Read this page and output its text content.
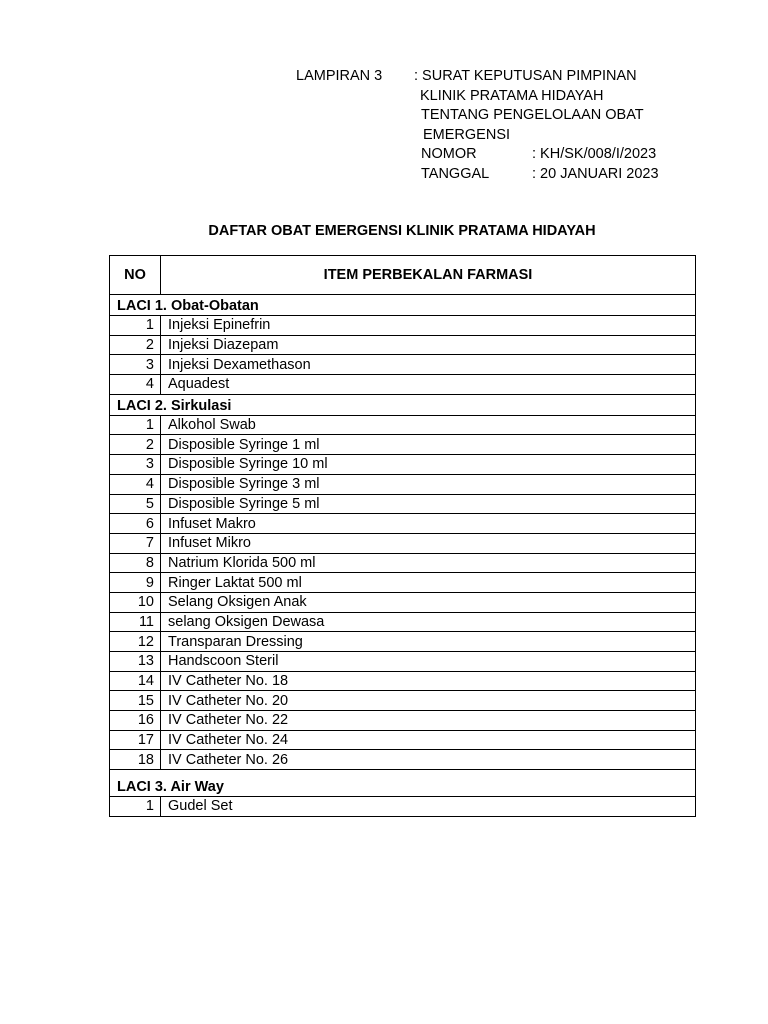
LAMPIRAN 3 : SURAT KEPUTUSAN PIMPINAN
KLINIK PRATAMA HIDAYAH
TENTANG PENGELOLAAN OBAT
EMERGENSI
NOMOR	: KH/SK/008/I/2023
TANGGAL	: 20 JANUARI 2023
DAFTAR OBAT EMERGENSI KLINIK PRATAMA HIDAYAH
NO	ITEM PERBEKALAN FARMASI
LACI 1. Obat-Obatan	
1	Injeksi Epinefrin
2	Injeksi Diazepam
3	Injeksi Dexamethason
4	Aquadest
LACI 2. Sirkulasi	
1	Alkohol Swab
2	Disposible Syringe 1 ml
3	Disposible Syringe 10 ml
4	Disposible Syringe 3 ml
5	Disposible Syringe 5 ml
6	Infuset Makro
7	Infuset Mikro
8	Natrium Klorida 500 ml
9	Ringer Laktat 500 ml
10	Selang Oksigen Anak
11	selang Oksigen Dewasa
12	Transparan Dressing
13	Handscoon Steril
14	IV Catheter No. 18
15	IV Catheter No. 20
16	IV Catheter No. 22
17	IV Catheter No. 24
18	IV Catheter No. 26
LACI 3. Air Way	
1	Gudel Set
